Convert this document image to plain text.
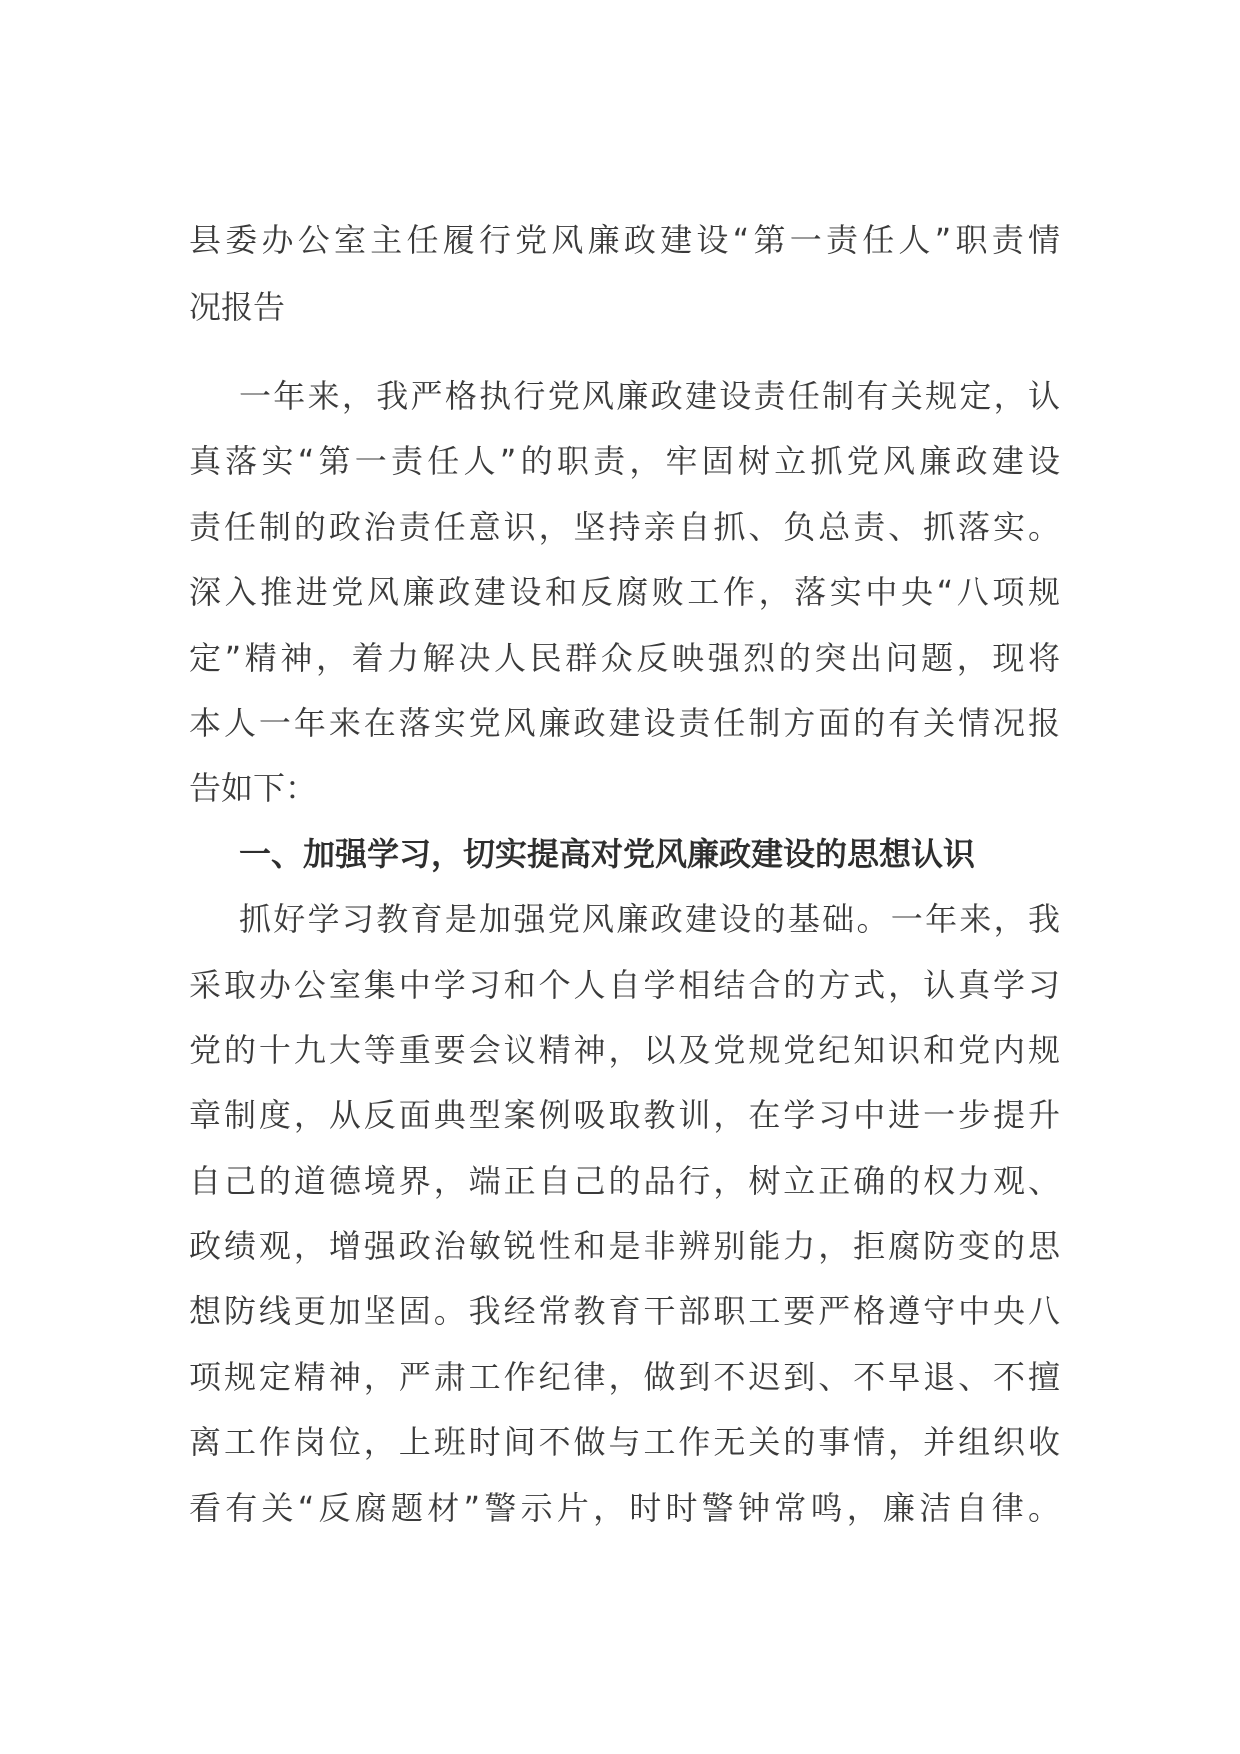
县委办公室主任履行党风廉政建设“第一责任人”职责情
况报告
一年来，我严格执行党风廉政建设责任制有关规定，认
真落实“第一责任人”的职责，牢固树立抓党风廉政建设
责任制的政治责任意识，坚持亲自抓、负总责、抓落实。
深入推进党风廉政建设和反腐败工作，落实中央“八项规
定”精神，着力解决人民群众反映强烈的突出问题，现将
本人一年来在落实党风廉政建设责任制方面的有关情况报
告如下：
一、加强学习，切实提高对党风廉政建设的思想认识
抓好学习教育是加强党风廉政建设的基础。一年来，我
采取办公室集中学习和个人自学相结合的方式，认真学习
党的十九大等重要会议精神，以及党规党纪知识和党内规
章制度，从反面典型案例吸取教训，在学习中进一步提升
自己的道德境界，端正自己的品行，树立正确的权力观、
政绩观，增强政治敏锐性和是非辨别能力，拒腐防变的思
想防线更加坚固。我经常教育干部职工要严格遵守中央八
项规定精神，严肃工作纪律，做到不迟到、不早退、不擅
离工作岗位，上班时间不做与工作无关的事情，并组织收
看有关“反腐题材”警示片，时时警钟常鸣，廉洁自律。
